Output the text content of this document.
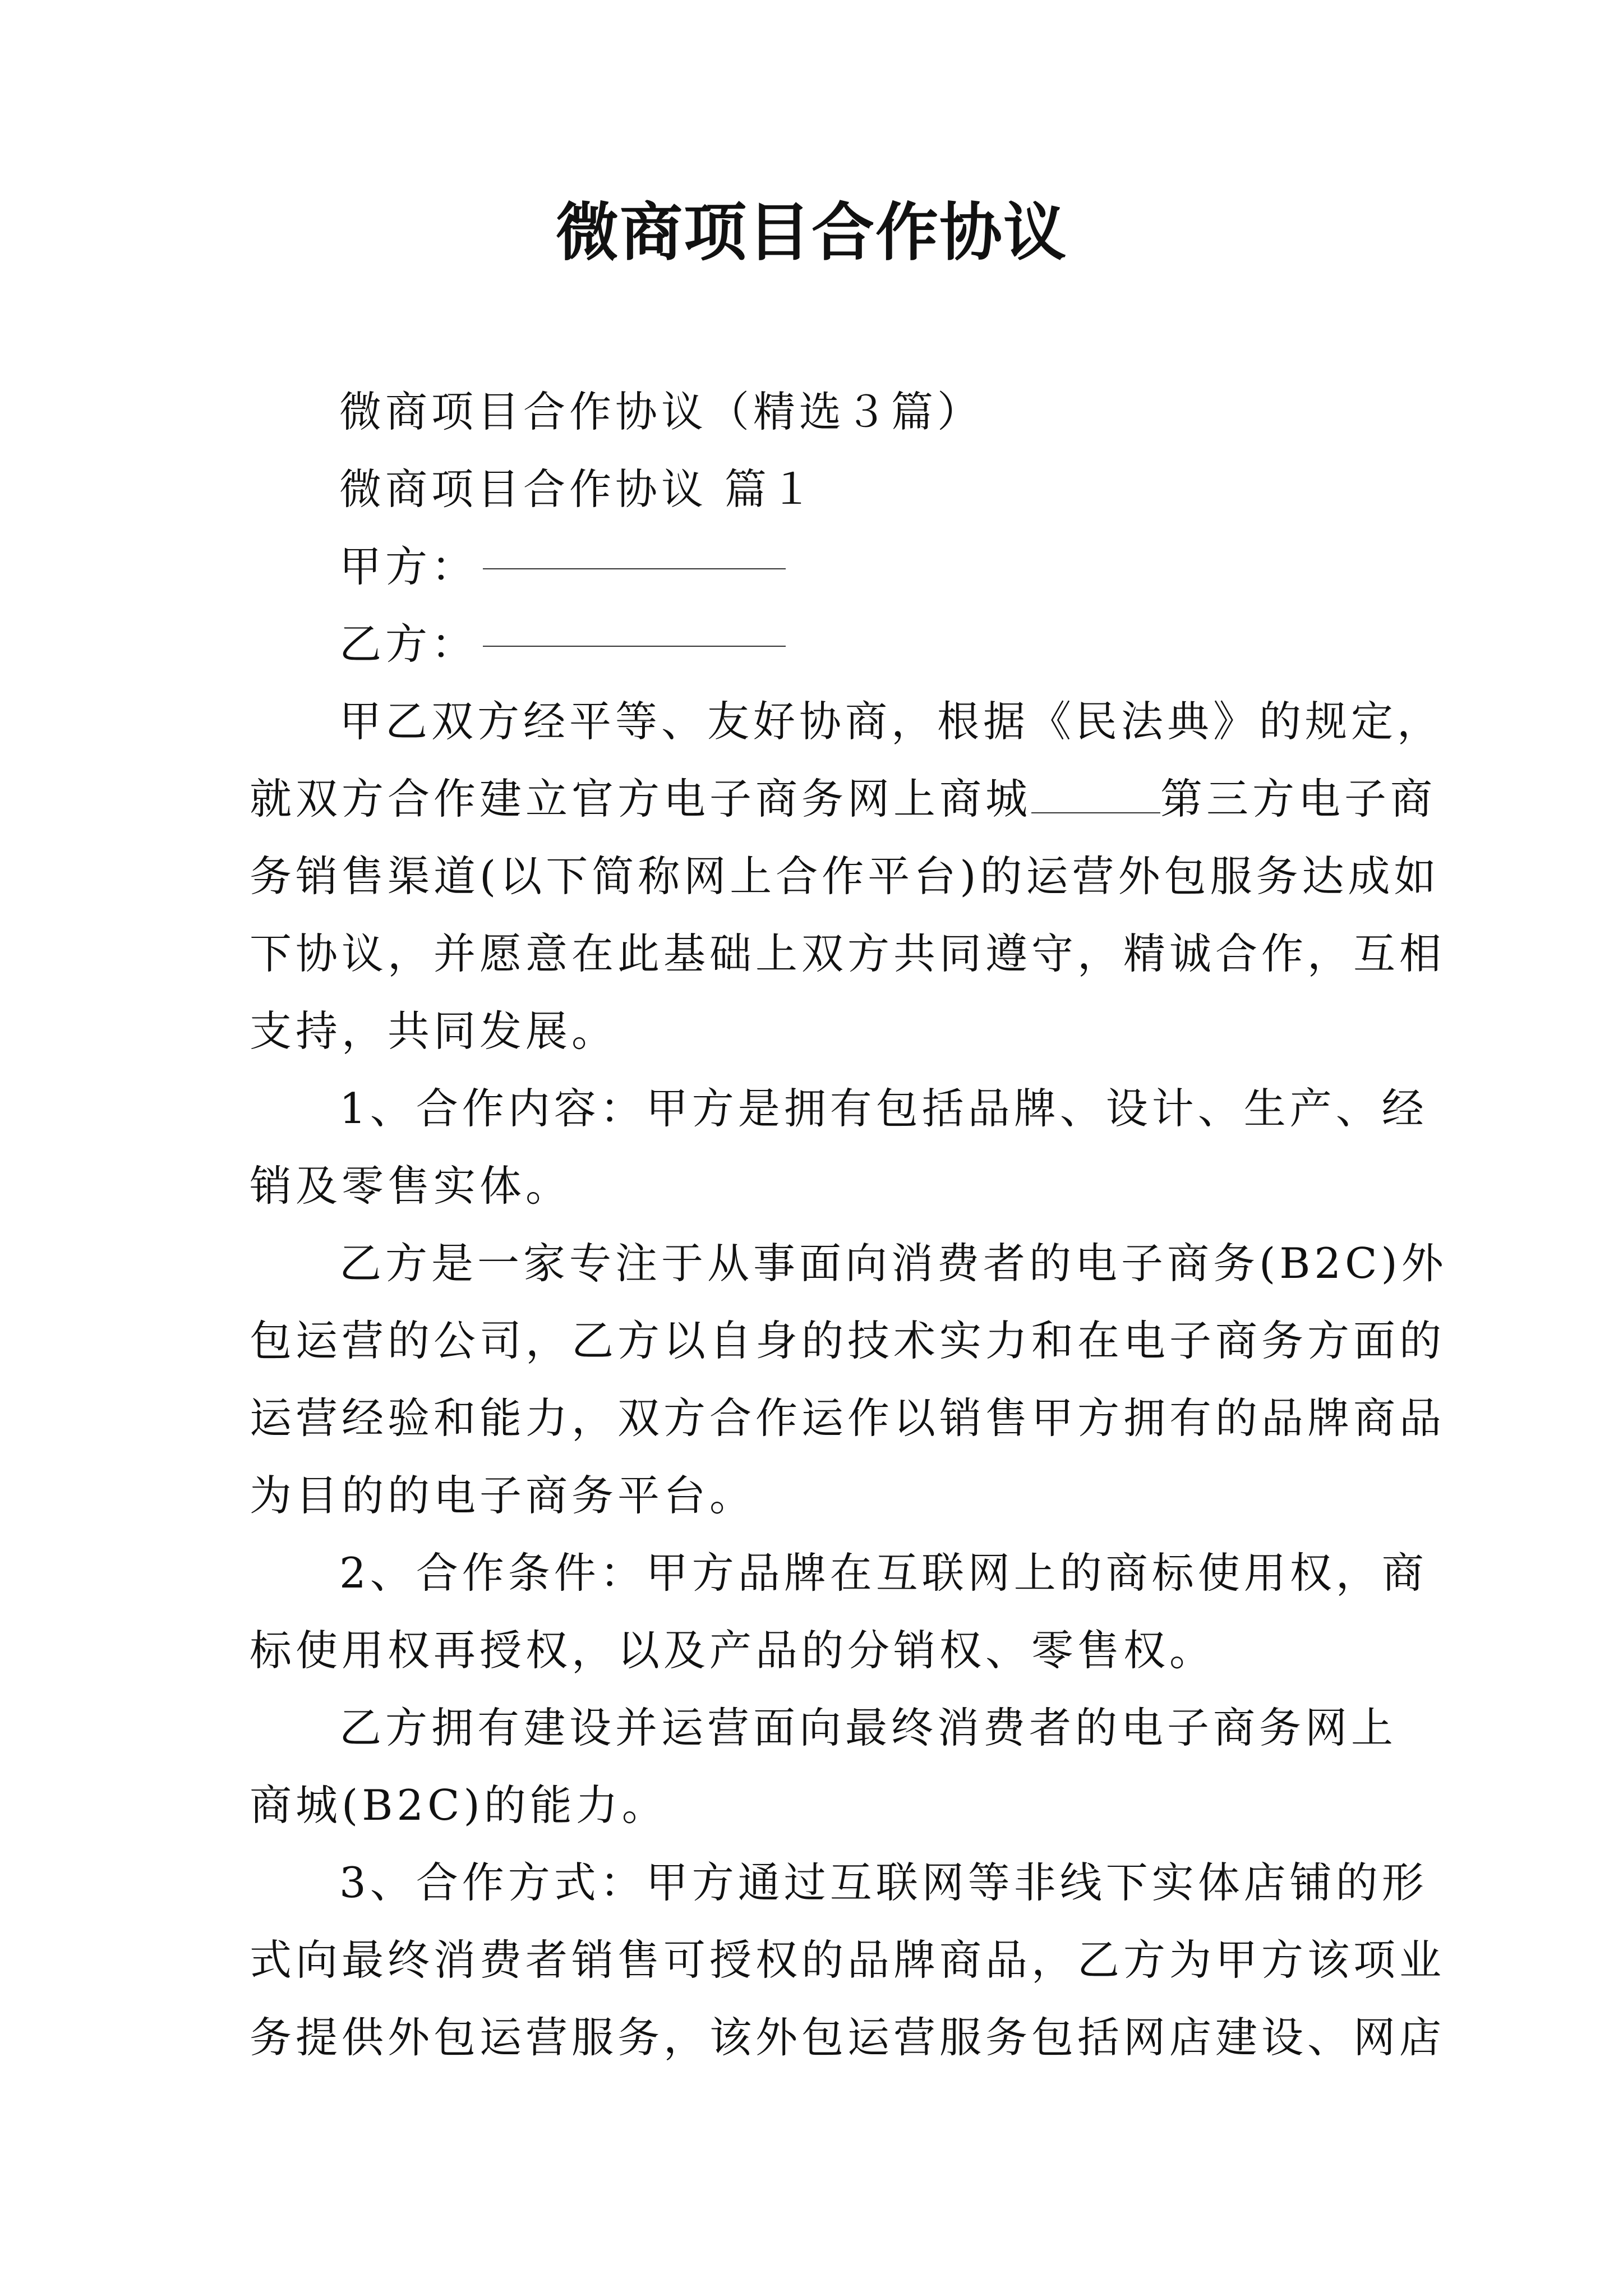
微商项目合作协议

微商项目合作协议（精选３篇）

微商项目合作协议 篇１

甲方：

乙方：

甲乙双方经平等、友好协商，根据《民法典》的规定，

就双方合作建立官方电子商务网上商城	第三方电子商

务销售渠道(以下简称网上合作平台)的运营外包服务达成如

下协议，并愿意在此基础上双方共同遵守，精诚合作，互相

支持，共同发展。

1、合作内容：甲方是拥有包括品牌、设计、生产、经

销及零售实体。

乙方是一家专注于从事面向消费者的电子商务(B2C)外

包运营的公司，乙方以自身的技术实力和在电子商务方面的

运营经验和能力，双方合作运作以销售甲方拥有的品牌商品

为目的的电子商务平台。

2、合作条件：甲方品牌在互联网上的商标使用权，商

标使用权再授权，以及产品的分销权、零售权。

乙方拥有建设并运营面向最终消费者的电子商务网上

商城(B2C)的能力。

3、合作方式：甲方通过互联网等非线下实体店铺的形

式向最终消费者销售可授权的品牌商品，乙方为甲方该项业

务提供外包运营服务，该外包运营服务包括网店建设、网店
